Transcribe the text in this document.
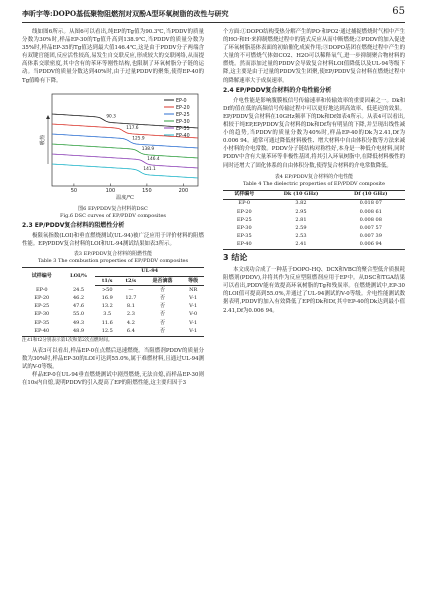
李昕宇等:DOPO基低聚物阻燃剂对双酚A型环氧树脂的改性与研究	65

线如图6所示。从图6可以看出,纯EP的Tg值为90.3℃,当PDDV的质量分数为30%时,样品EP-30的Tg值升高到138.9℃,当PDDV的质量分数为35%时,样品EP-35的Tg值达到最大值146.4℃,这是由于PDDV分子两端含有双键官能团,反应活性较高,易发生自交联反应,形成较大的交联网络,从而提高体系交联密度,其中含有的苯环等刚性结构,也限制了环氧树脂分子链的运动。当PDDV的质量分数达到40%时,由于过量PDDV的聚集,使得EP-40的Tg值略有下降。

50	100	150	200
温度/℃
吸热
EP-0
EP-20
EP-25
EP-30
EP-35
EP-40
146.4
141.1
138.9
125.9
117.6
90.3
图6 EP/PDDV复合材料的DSC
Fig.6 DSC curves of EP/PDDV composites
2.3 EP/PDDV复合材料的阻燃性分析

极限氧指数(LOI)和垂直燃烧测试(UL-94)被广泛应用于评价材料的阻燃性能。EP/PDDV复合材料的LOI和UL-94测试结果如表3所示。

表3 EP/PDDV复合材料的阻燃性能
Table 3 The combustion properties of EP/PDDV composites
试样编号	LOI/%	UL-94			
		t1/s	t2/s	是否滴落	等级
EP-0	24.5	>50	—	否	NR
EP-20	46.2	16.9	12.7	否	V-1
EP-25	47.6	13.2	8.1	否	V-1
EP-30	55.0	3.5	2.3	否	V-0
EP-35	49.3	11.6	4.2	否	V-1
EP-40	48.9	12.5	6.4	否	V-1
注:t1和t2分别表示第1次和第2次点燃时间。

从表3可以看出,样品EP-0在点燃后迅速燃烧。当阻燃剂PDDV的质量分数为30%时,样品EP-30的LOI可达到55.0%,属于难燃材料,且通过UL-94测试的V-0等级。

样品EP-0在UL-94垂直燃烧测试中剧烈燃烧,无法自熄,而样品EP-30则在10s内自熄,说明PDDV的引入提高了EP的阻燃性能,这主要归因于3

个方面:①DOPO结构受热分解产生的PO·和PO2·通过捕捉燃烧时气相中产生的HO·和H·来抑制燃烧过程中的链式反应从而中断燃烧;②PDDV的加入促进了环氧树脂基体表面的初始催化成炭作用;③DOPO基团在燃烧过程中产生的大量的不可燃烧气体如CO2、H2O可以稀释氧气,进一步抑制聚合物材料的燃烧。然而添加过量的PDDV会导致复合材料LOI值降低以及UL-94等级下降,这主要是由于过量的PDDV发生团聚,使EP/PDDV复合材料在燃烧过程中的降解速率大于成炭速率。

2.4 EP/PDDV复合材料的介电性能分析

介电性能是影响腹膜板信号传输速率和传输效率的重要因素之一。Dk和Df的值在低的高频信号传输过程中可以更好地达到高效率、低延迟的效果。EP/PDDV复合材料在10GHz频率下的Dk和Df如表4所示。从表4可以看出,相较于纯EP,EP/PDDV复合材料的Dk和Df均有明显的下降,并呈现出线性减小的趋势,当PDDV的质量分数为40%时,样品EP-40的Dk为2.41,Df为0.006 94。通常可通过降低材料极性、增大材料中自由体积分数等方法来减小材料的介电常数。PDDV分子链结构对称性好,本身是一种低介电材料,同时PDDV中含有大量苯环等非极性基团,将其引入环氧树脂中,在降低材料极性的同时还增大了固化体系的自由体积分数,使得复合材料的介电常数降低。

表4 EP/PDDV复合材料的介电性能
Table 4 The dielectric properties of EP/PDDV composite
试样编号	Dk (10 GHz)	Df (10 GHz)
EP-0	3.82	0.018 07
EP-20	2.95	0.008 61
EP-25	2.81	0.008 08
EP-30	2.59	0.007 57
EP-35	2.53	0.007 39
EP-40	2.41	0.006 94
3 结论

本文成功合成了一种基于DOPO-HQ、DCX和VBC的聚合型低介质损耗阻燃剂(PDDV),并将其作为反应型阻燃剂应用于EP中。从DSC和TGA结果可以看出,PDDV能有效提高环氧树脂的Tg和残炭率。在燃烧测试中,EP-30的LOI值可提高到55.0%,并通过了UL-94测试的V-0等级。介电性能测试数据表明,PDDV的加入有效降低了EP的Dk和Df,其中EP-40的Dk达到最小值2.41,Df为0.006 94。
